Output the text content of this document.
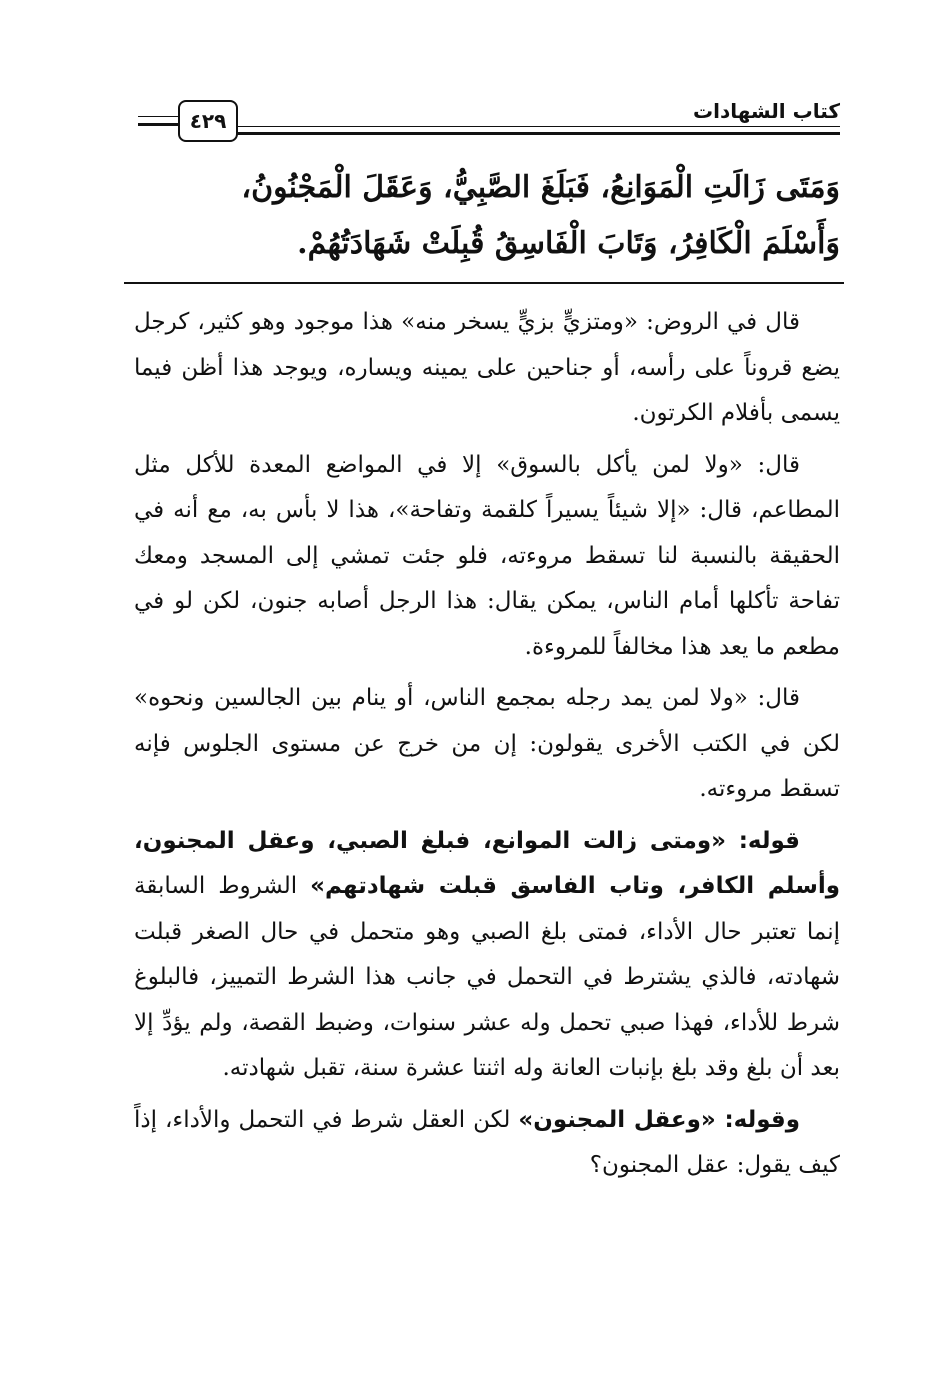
كتاب الشهادات
٤٢٩
وَمَتَى زَالَتِ الْمَوَانِعُ، فَبَلَغَ الصَّبِيُّ، وَعَقَلَ الْمَجْنُونُ،
وَأَسْلَمَ الْكَافِرُ، وَتَابَ الْفَاسِقُ قُبِلَتْ شَهَادَتُهُمْ.

قال في الروض: «ومتزيٍّ بزيٍّ يسخر منه» هذا موجود وهو كثير، كرجل يضع قروناً على رأسه، أو جناحين على يمينه ويساره، ويوجد هذا أظن فيما يسمى بأفلام الكرتون.

قال: «ولا لمن يأكل بالسوق» إلا في المواضع المعدة للأكل مثل المطاعم، قال: «إلا شيئاً يسيراً كلقمة وتفاحة»، هذا لا بأس به، مع أنه في الحقيقة بالنسبة لنا تسقط مروءته، فلو جئت تمشي إلى المسجد ومعك تفاحة تأكلها أمام الناس، يمكن يقال: هذا الرجل أصابه جنون، لكن لو في مطعم ما يعد هذا مخالفاً للمروءة.

قال: «ولا لمن يمد رجله بمجمع الناس، أو ينام بين الجالسين ونحوه» لكن في الكتب الأخرى يقولون: إن من خرج عن مستوى الجلوس فإنه تسقط مروءته.

قوله: «ومتى زالت الموانع، فبلغ الصبي، وعقل المجنون، وأسلم الكافر، وتاب الفاسق قبلت شهادتهم» الشروط السابقة إنما تعتبر حال الأداء، فمتى بلغ الصبي وهو متحمل في حال الصغر قبلت شهادته، فالذي يشترط في التحمل في جانب هذا الشرط التمييز، فالبلوغ شرط للأداء، فهذا صبي تحمل وله عشر سنوات، وضبط القصة، ولم يؤدِّ إلا بعد أن بلغ وقد بلغ بإنبات العانة وله اثنتا عشرة سنة، تقبل شهادته.

وقوله: «وعقل المجنون» لكن العقل شرط في التحمل والأداء، إذاً كيف يقول: عقل المجنون؟
